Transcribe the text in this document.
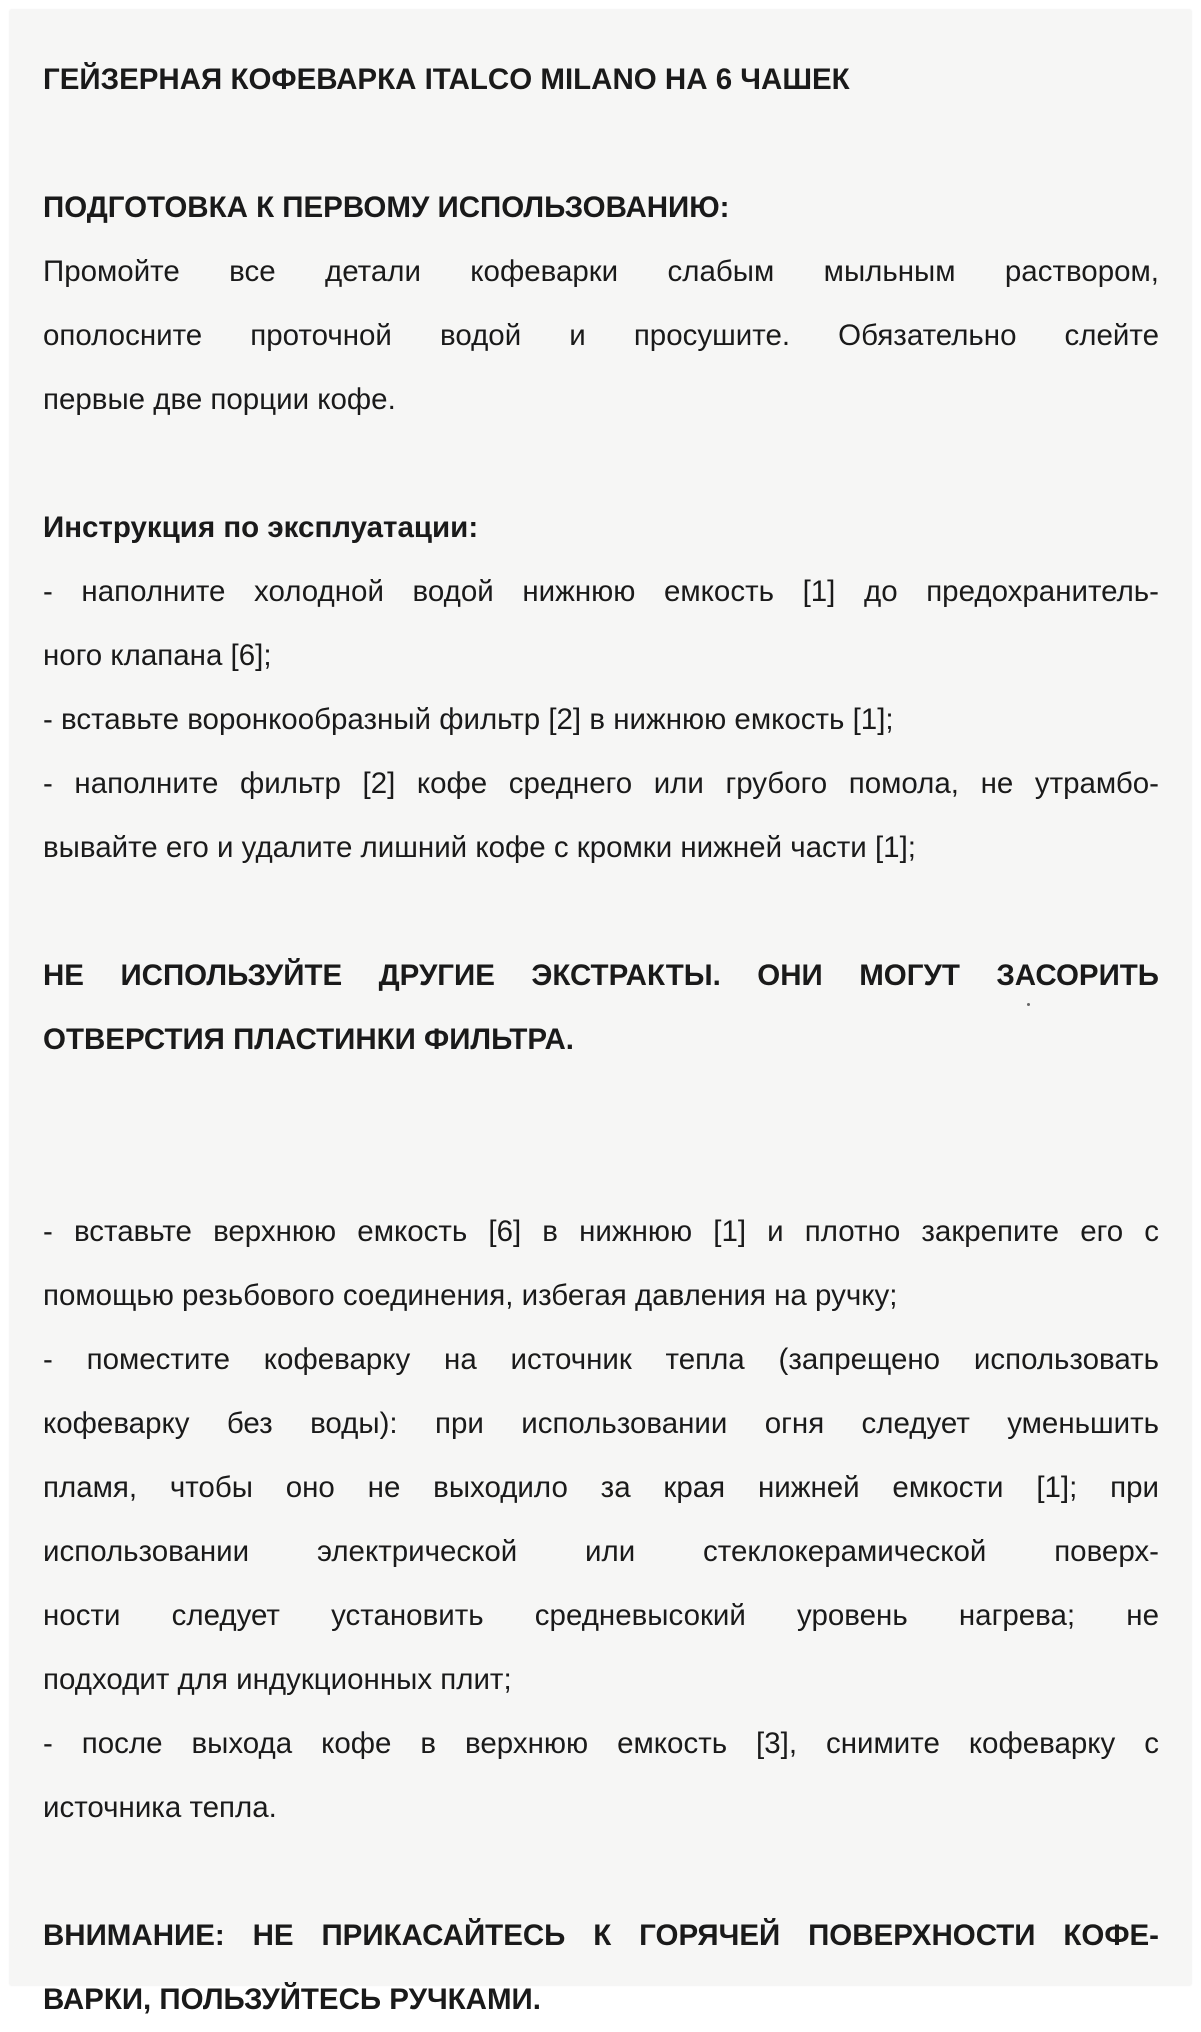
ГЕЙЗЕРНАЯ КОФЕВАРКА ITALCO MILANO НА 6 ЧАШЕК
ПОДГОТОВКА К ПЕРВОМУ ИСПОЛЬЗОВАНИЮ:
Промойте все детали кофеварки слабым мыльным раствором,
ополосните проточной водой и просушите. Обязательно слейте
первые две порции кофе.
Инструкция по эксплуатации:
- наполните холодной водой нижнюю емкость [1] до предохранитель-
ного клапана [6];
- вставьте воронкообразный фильтр [2] в нижнюю емкость [1];
- наполните фильтр [2] кофе среднего или грубого помола, не утрамбо-
вывайте его и удалите лишний кофе с кромки нижней части [1];
НЕ ИСПОЛЬЗУЙТЕ ДРУГИЕ ЭКСТРАКТЫ. ОНИ МОГУТ ЗАСОРИТЬ
ОТВЕРСТИЯ ПЛАСТИНКИ ФИЛЬТРА.
- вставьте верхнюю емкость [6] в нижнюю [1] и плотно закрепите его с
помощью резьбового соединения, избегая давления на ручку;
- поместите кофеварку на источник тепла (запрещено использовать
кофеварку без воды): при использовании огня следует уменьшить
пламя, чтобы оно не выходило за края нижней емкости [1]; при
использовании электрической или стеклокерамической поверх-
ности следует установить средневысокий уровень нагрева; не
подходит для индукционных плит;
- после выхода кофе в верхнюю емкость [3], снимите кофеварку с
источника тепла.
ВНИМАНИЕ: НЕ ПРИКАСАЙТЕСЬ К ГОРЯЧЕЙ ПОВЕРХНОСТИ КОФЕ-
ВАРКИ, ПОЛЬЗУЙТЕСЬ РУЧКАМИ.
